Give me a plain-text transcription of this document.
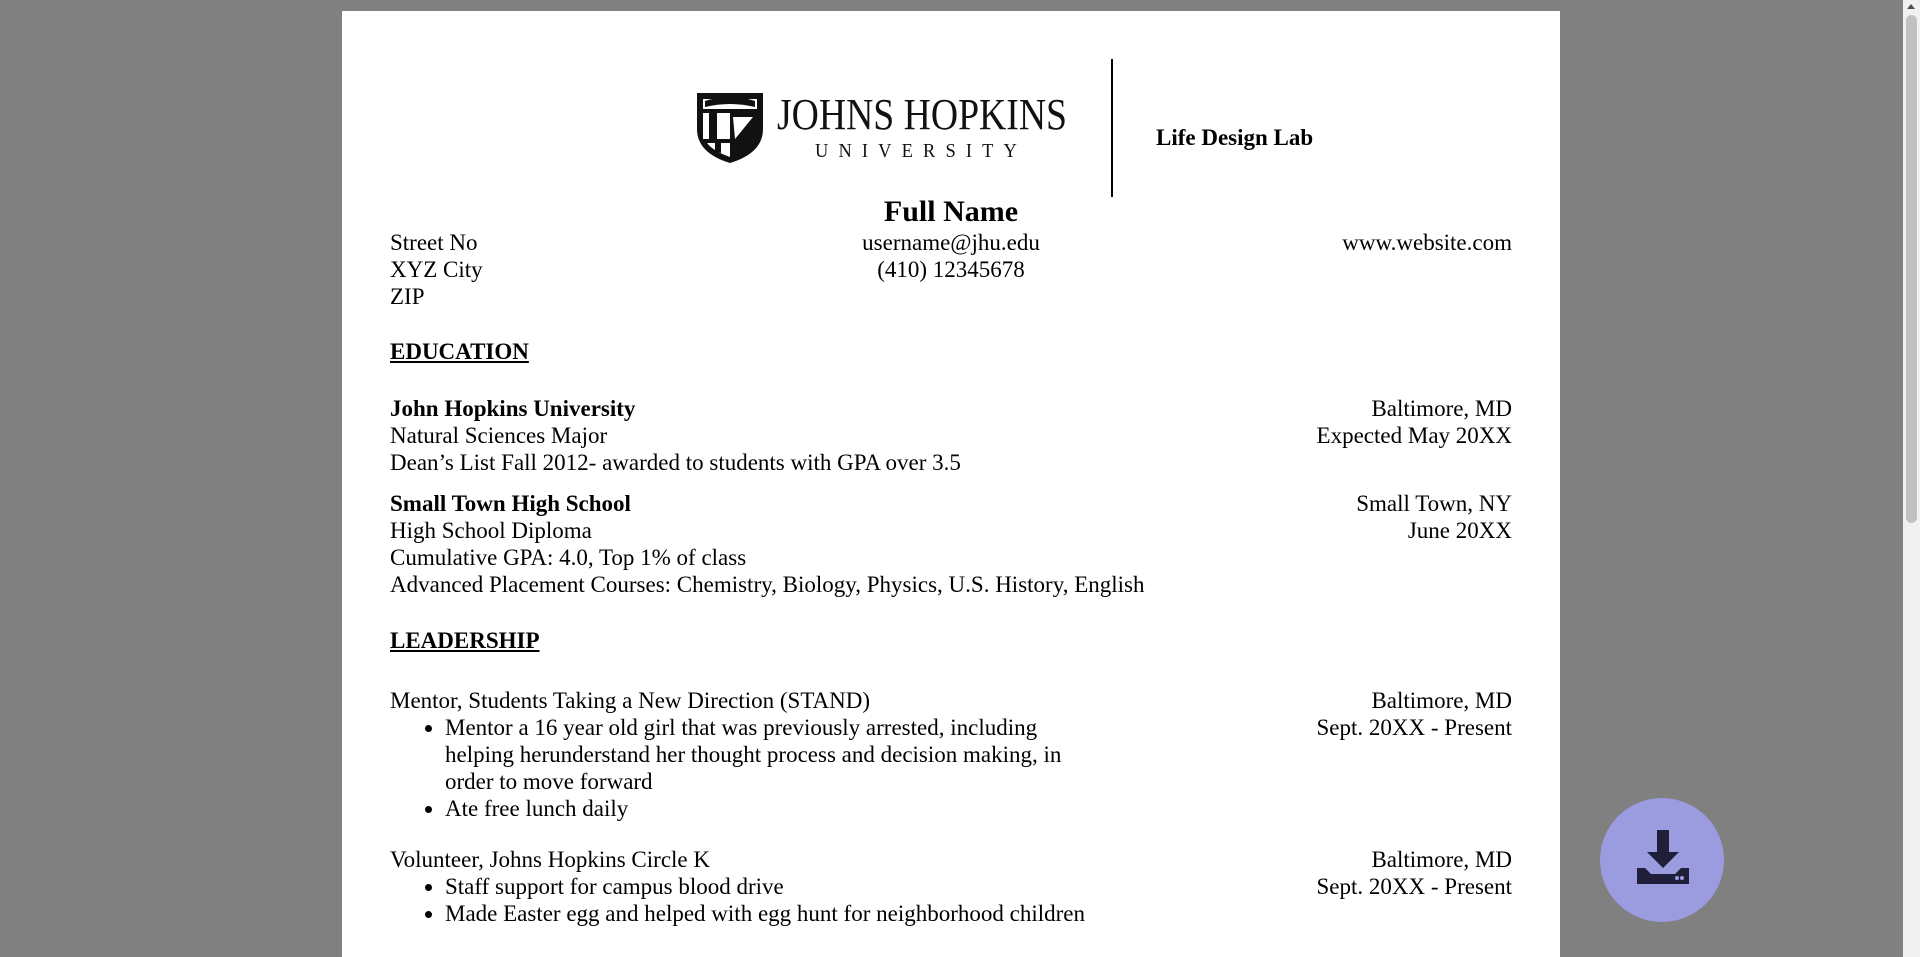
JOHNS HOPKINS
UNIVERSITY
Life Design Lab
Full Name
Street No
XYZ City
ZIP
username@jhu.edu
(410) 12345678
www.website.com
EDUCATION
John Hopkins University
Natural Sciences Major
Dean’s List Fall 2012- awarded to students with GPA over 3.5
Baltimore, MD
Expected May 20XX
Small Town High School
High School Diploma
Cumulative GPA: 4.0, Top 1% of class
Advanced Placement Courses: Chemistry, Biology, Physics, U.S. History, English
Small Town, NY
June 20XX
LEADERSHIP
Mentor, Students Taking a New Direction (STAND)
• Mentor a 16 year old girl that was previously arrested, including helping herunderstand her thought process and decision making, in order to move forward
• Ate free lunch daily
Baltimore, MD
Sept. 20XX - Present
Volunteer, Johns Hopkins Circle K
• Staff support for campus blood drive
• Made Easter egg and helped with egg hunt for neighborhood children
Baltimore, MD
Sept. 20XX - Present
